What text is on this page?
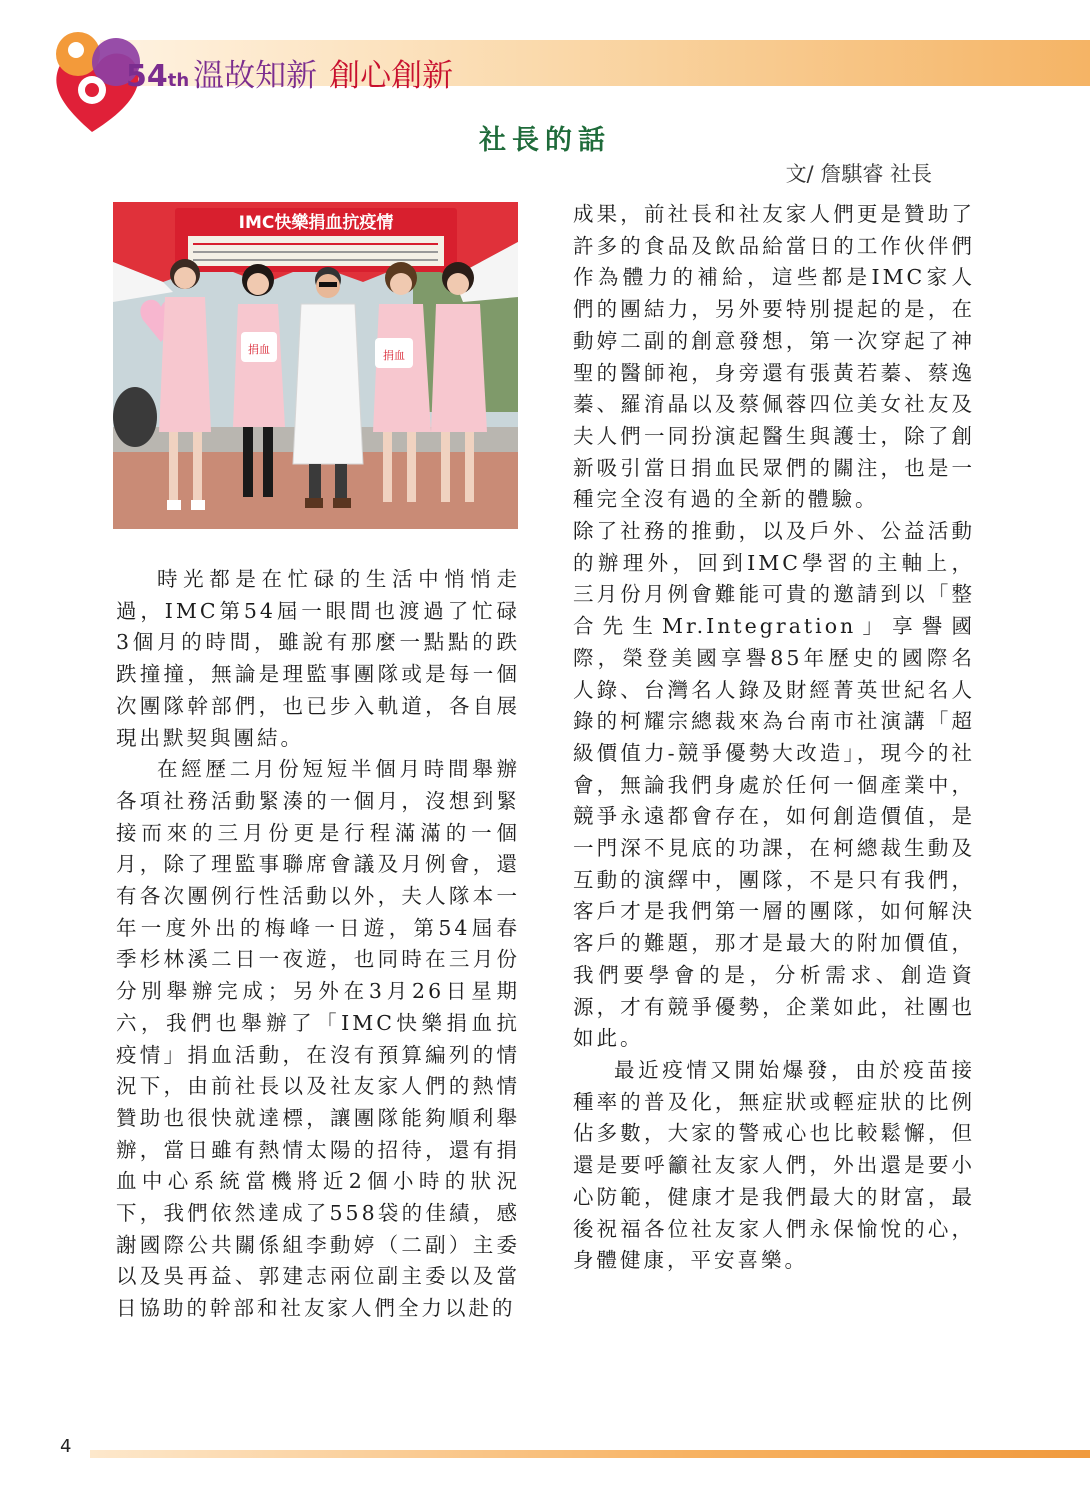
54 th 溫故知新 創心創新
社長的話
文/ 詹騏睿 社長
IMC快樂捐血抗疫情
捐血	捐血

時光都是在忙碌的生活中悄悄走過，IMC第54屆一眼間也渡過了忙碌3個月的時間，雖說有那麼一點點的跌跌撞撞，無論是理監事團隊或是每一個次團隊幹部們，也已步入軌道，各自展現出默契與團結。

在經歷二月份短短半個月時間舉辦各項社務活動緊湊的一個月，沒想到緊接而來的三月份更是行程滿滿的一個月，除了理監事聯席會議及月例會，還有各次團例行性活動以外，夫人隊本一年一度外出的梅峰一日遊，第54屆春季杉林溪二日一夜遊，也同時在三月份分別舉辦完成；另外在3月26日星期六，我們也舉辦了「IMC快樂捐血抗疫情」捐血活動，在沒有預算編列的情況下，由前社長以及社友家人們的熱情贊助也很快就達標，讓團隊能夠順利舉辦，當日雖有熱情太陽的招待，還有捐血中心系統當機將近2個小時的狀況下，我們依然達成了558袋的佳績，感謝國際公共關係組李動婷（二副）主委以及吳再益、郭建志兩位副主委以及當日協助的幹部和社友家人們全力以赴的

成果，前社長和社友家人們更是贊助了許多的食品及飲品給當日的工作伙伴們作為體力的補給，這些都是IMC家人們的團結力，另外要特別提起的是，在動婷二副的創意發想，第一次穿起了神聖的醫師袍，身旁還有張黃若蓁、蔡逸蓁、羅淯晶以及蔡佩蓉四位美女社友及夫人們一同扮演起醫生與護士，除了創新吸引當日捐血民眾們的關注，也是一種完全沒有過的全新的體驗。

除了社務的推動，以及戶外、公益活動的辦理外，回到IMC學習的主軸上，三月份月例會難能可貴的邀請到以「整合先生Mr.Integration」享譽國際，榮登美國享譽85年歷史的國際名人錄、台灣名人錄及財經菁英世紀名人錄的柯耀宗總裁來為台南市社演講「超級價值力-競爭優勢大改造」，現今的社會，無論我們身處於任何一個產業中，競爭永遠都會存在，如何創造價值，是一門深不見底的功課，在柯總裁生動及互動的演繹中，團隊，不是只有我們，客戶才是我們第一層的團隊，如何解決客戶的難題，那才是最大的附加價值，我們要學會的是，分析需求、創造資源，才有競爭優勢，企業如此，社團也如此。

最近疫情又開始爆發，由於疫苗接種率的普及化，無症狀或輕症狀的比例佔多數，大家的警戒心也比較鬆懈，但還是要呼籲社友家人們，外出還是要小心防範，健康才是我們最大的財富，最後祝福各位社友家人們永保愉悅的心，身體健康，平安喜樂。

4
